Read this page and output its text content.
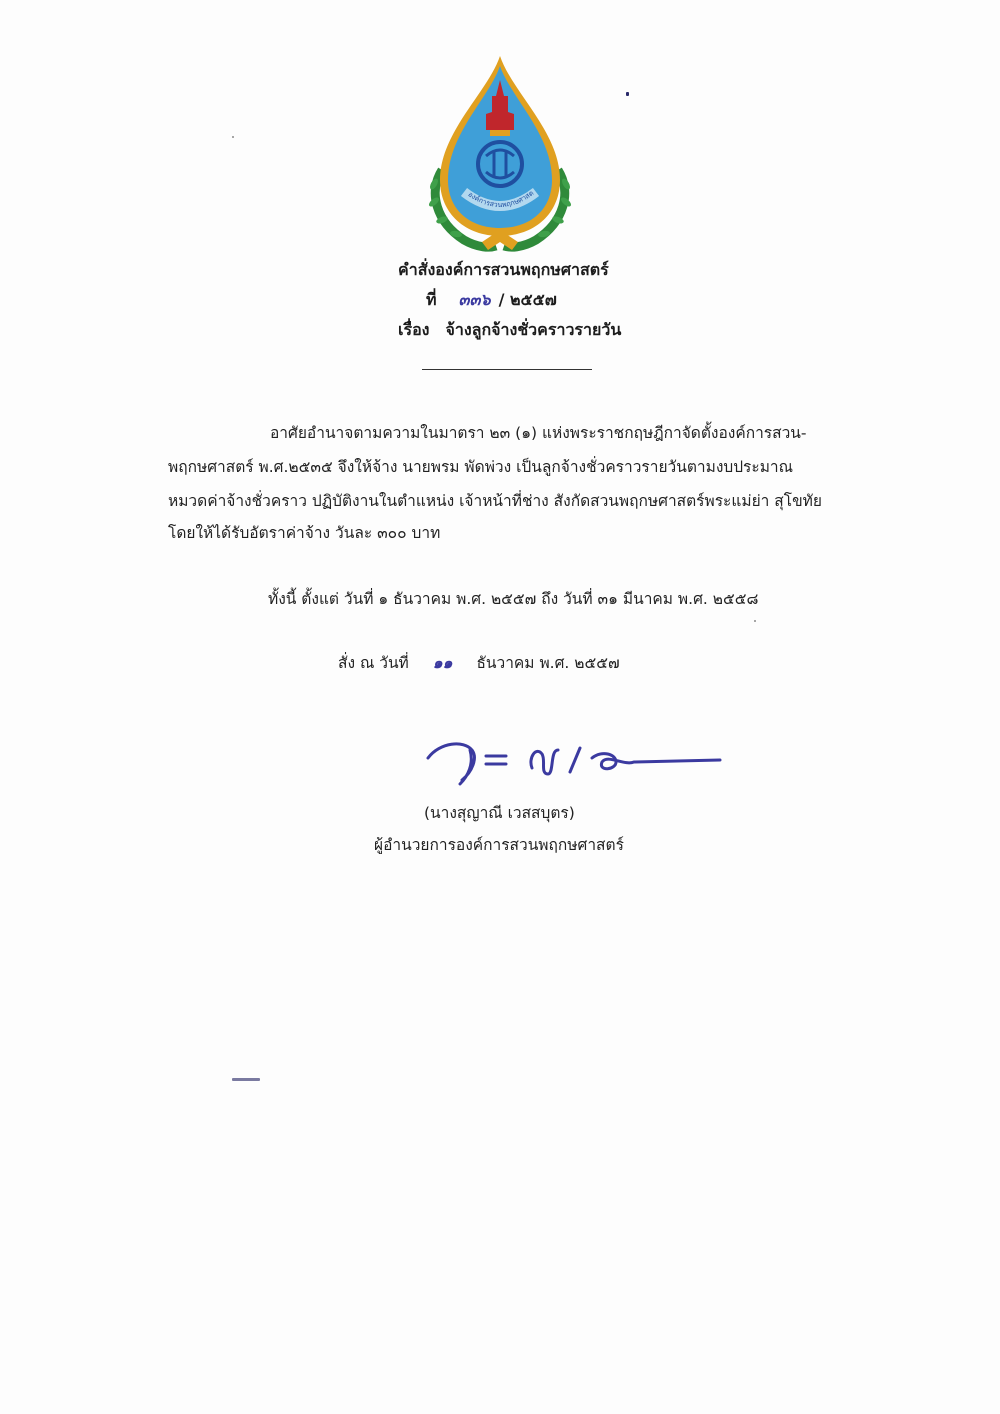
องค์การสวนพฤกษศาสต
คำสั่งองค์การสวนพฤกษศาสตร์
ที่ ๓๓๖ / ๒๕๕๗
เรื่อง จ้างลูกจ้างชั่วคราวรายวัน
อาศัยอำนาจตามความในมาตรา ๒๓ (๑) แห่งพระราชกฤษฎีกาจัดตั้งองค์การสวน-
พฤกษศาสตร์ พ.ศ.๒๕๓๕ จึงให้จ้าง นายพรม พัดพ่วง เป็นลูกจ้างชั่วคราวรายวันตามงบประมาณ
หมวดค่าจ้างชั่วคราว ปฏิบัติงานในตำแหน่ง เจ้าหน้าที่ช่าง สังกัดสวนพฤกษศาสตร์พระแม่ย่า สุโขทัย
โดยให้ได้รับอัตราค่าจ้าง วันละ ๓๐๐ บาท
ทั้งนี้ ตั้งแต่ วันที่ ๑ ธันวาคม พ.ศ. ๒๕๕๗ ถึง วันที่ ๓๑ มีนาคม พ.ศ. ๒๕๕๘
สั่ง ณ วันที่ ๑๑ ธันวาคม พ.ศ. ๒๕๕๗
(นางสุญาณี เวสสบุตร)
ผู้อำนวยการองค์การสวนพฤกษศาสตร์
